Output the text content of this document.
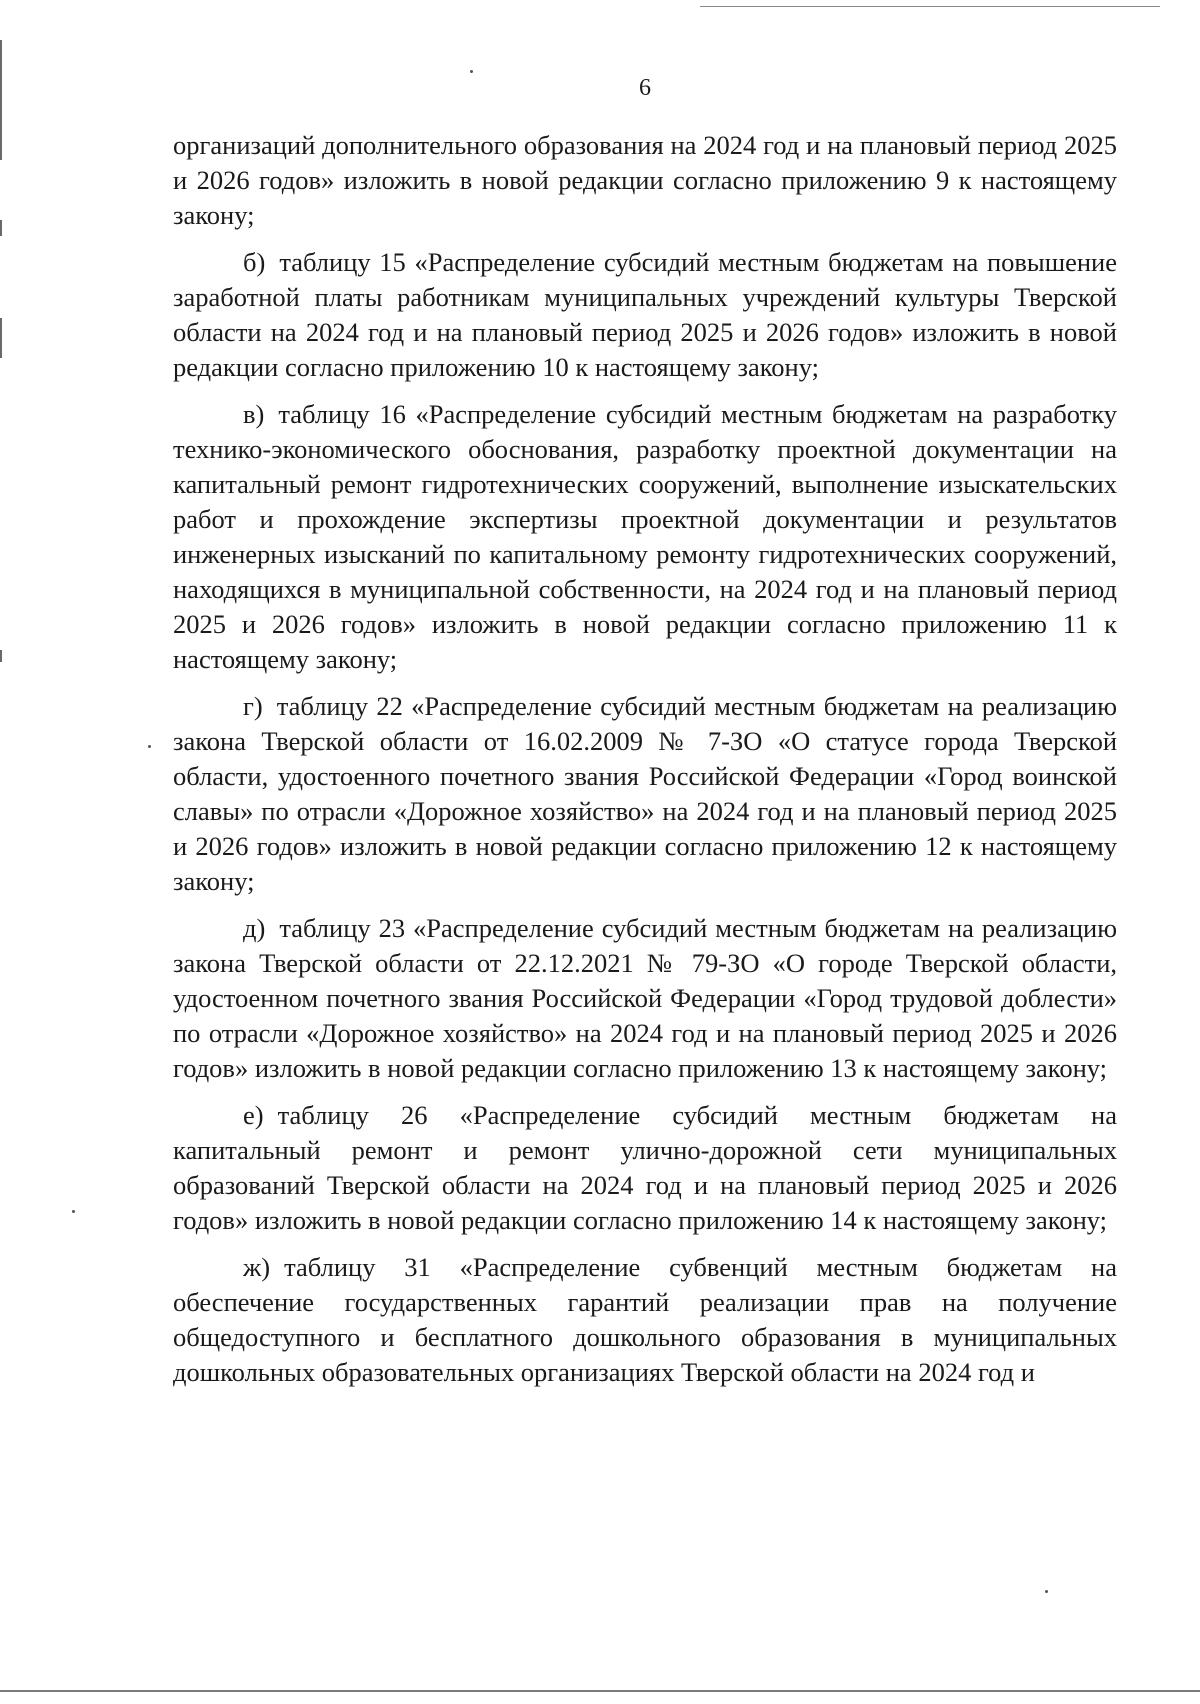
6

организаций дополнительного образования на 2024 год и на плановый период 2025 и 2026 годов» изложить в новой редакции согласно приложению 9 к настоящему закону;

б) таблицу 15 «Распределение субсидий местным бюджетам на повышение заработной платы работникам муниципальных учреждений культуры Тверской области на 2024 год и на плановый период 2025 и 2026 годов» изложить в новой редакции согласно приложению 10 к настоящему закону;

в) таблицу 16 «Распределение субсидий местным бюджетам на разработку технико-экономического обоснования, разработку проектной документации на капитальный ремонт гидротехнических сооружений, выполнение изыскательских работ и прохождение экспертизы проектной документации и результатов инженерных изысканий по капитальному ремонту гидротехнических сооружений, находящихся в муниципальной собственности, на 2024 год и на плановый период 2025 и 2026 годов» изложить в новой редакции согласно приложению 11 к настоящему закону;

г) таблицу 22 «Распределение субсидий местным бюджетам на реализацию закона Тверской области от 16.02.2009 № 7-ЗО «О статусе города Тверской области, удостоенного почетного звания Российской Федерации «Город воинской славы» по отрасли «Дорожное хозяйство» на 2024 год и на плановый период 2025 и 2026 годов» изложить в новой редакции согласно приложению 12 к настоящему закону;

д) таблицу 23 «Распределение субсидий местным бюджетам на реализацию закона Тверской области от 22.12.2021 № 79-ЗО «О городе Тверской области, удостоенном почетного звания Российской Федерации «Город трудовой доблести» по отрасли «Дорожное хозяйство» на 2024 год и на плановый период 2025 и 2026 годов» изложить в новой редакции согласно приложению 13 к настоящему закону;

е) таблицу 26 «Распределение субсидий местным бюджетам на капитальный ремонт и ремонт улично-дорожной сети муниципальных образований Тверской области на 2024 год и на плановый период 2025 и 2026 годов» изложить в новой редакции согласно приложению 14 к настоящему закону;

ж) таблицу 31 «Распределение субвенций местным бюджетам на обеспечение государственных гарантий реализации прав на получение общедоступного и бесплатного дошкольного образования в муниципальных дошкольных образовательных организациях Тверской области на 2024 год и
